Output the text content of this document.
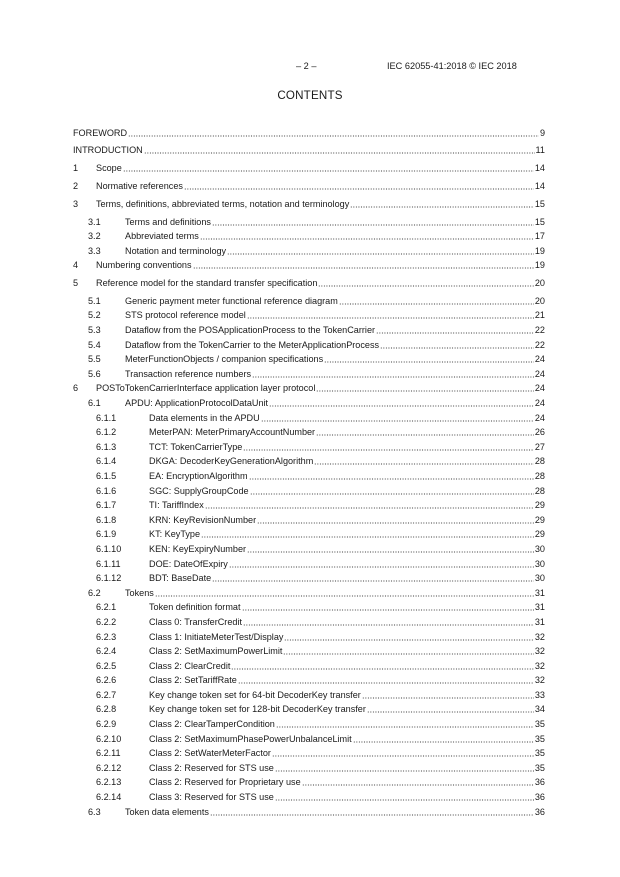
– 2 –	IEC 62055-41:2018 © IEC 2018
CONTENTS
FOREWORD	9
INTRODUCTION	11
1	Scope	14
2	Normative references	14
3	Terms, definitions, abbreviated terms, notation and terminology	15
3.1	Terms and definitions	15
3.2	Abbreviated terms	17
3.3	Notation and terminology	19
4	Numbering conventions	19
5	Reference model for the standard transfer specification	20
5.1	Generic payment meter functional reference diagram	20
5.2	STS protocol reference model	21
5.3	Dataflow from the POSApplicationProcess to the TokenCarrier	22
5.4	Dataflow from the TokenCarrier to the MeterApplicationProcess	22
5.5	MeterFunctionObjects / companion specifications	24
5.6	Transaction reference numbers	24
6	POSToTokenCarrierInterface application layer protocol	24
6.1	APDU: ApplicationProtocolDataUnit	24
6.1.1	Data elements in the APDU	24
6.1.2	MeterPAN: MeterPrimaryAccountNumber	26
6.1.3	TCT: TokenCarrierType	27
6.1.4	DKGA: DecoderKeyGenerationAlgorithm	28
6.1.5	EA: EncryptionAlgorithm	28
6.1.6	SGC: SupplyGroupCode	28
6.1.7	TI: TariffIndex	29
6.1.8	KRN: KeyRevisionNumber	29
6.1.9	KT: KeyType	29
6.1.10	KEN: KeyExpiryNumber	30
6.1.11	DOE: DateOfExpiry	30
6.1.12	BDT: BaseDate	30
6.2	Tokens	31
6.2.1	Token definition format	31
6.2.2	Class 0: TransferCredit	31
6.2.3	Class 1: InitiateMeterTest/Display	32
6.2.4	Class 2: SetMaximumPowerLimit	32
6.2.5	Class 2: ClearCredit	32
6.2.6	Class 2: SetTariffRate	32
6.2.7	Key change token set for 64-bit DecoderKey transfer	33
6.2.8	Key change token set for 128-bit DecoderKey transfer	34
6.2.9	Class 2: ClearTamperCondition	35
6.2.10	Class 2: SetMaximumPhasePowerUnbalanceLimit	35
6.2.11	Class 2: SetWaterMeterFactor	35
6.2.12	Class 2: Reserved for STS use	35
6.2.13	Class 2: Reserved for Proprietary use	36
6.2.14	Class 3: Reserved for STS use	36
6.3	Token data elements	36
